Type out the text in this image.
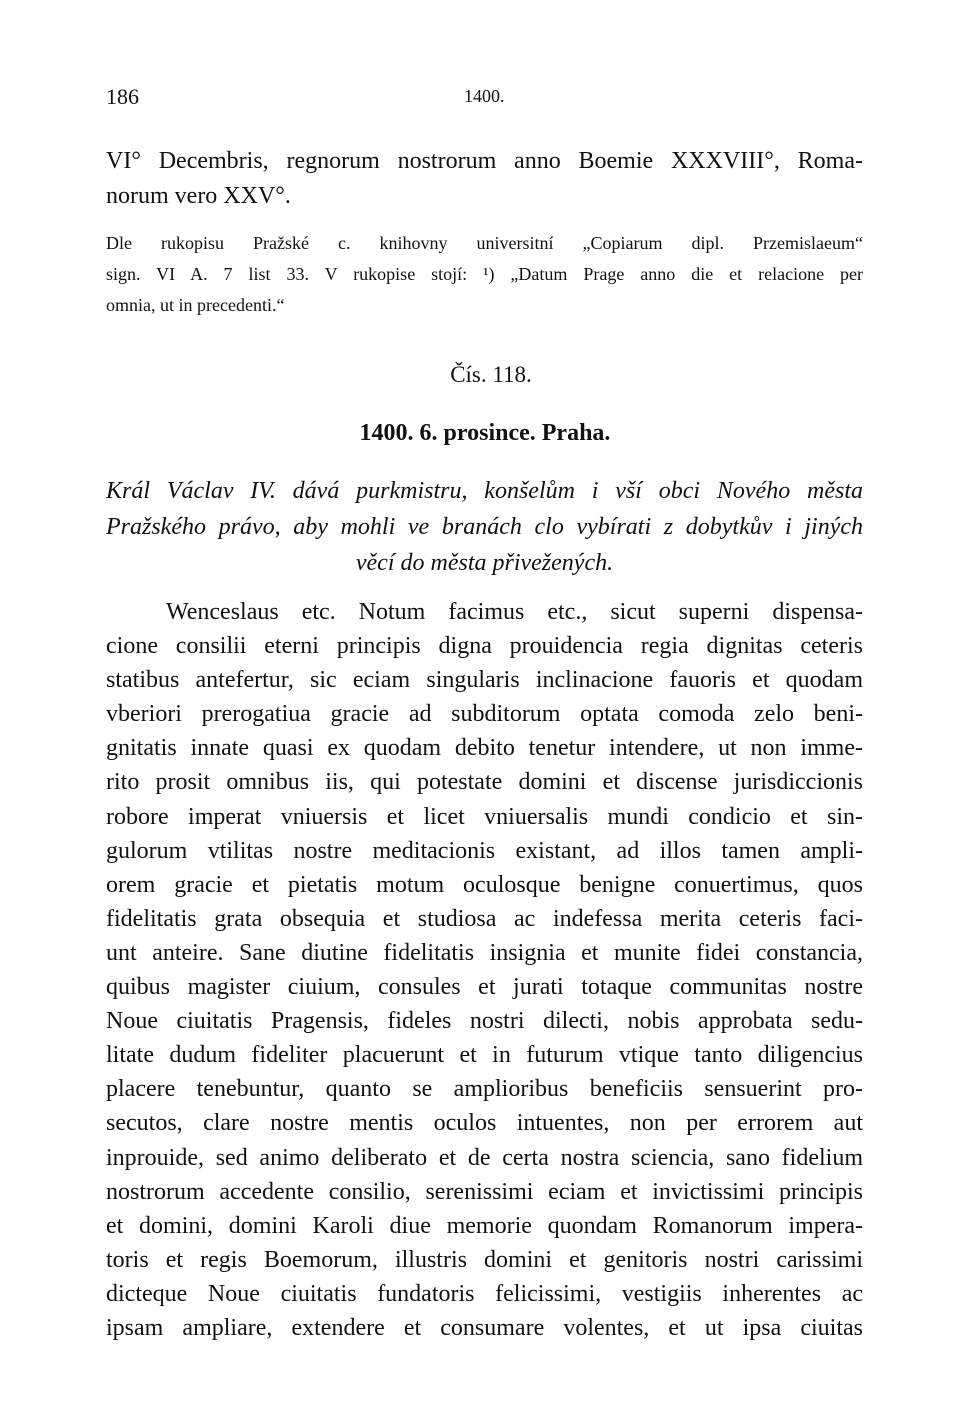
186	1400.
VI° Decembris, regnorum nostrorum anno Boemie XXXVIII°, Roma-
norum vero XXV°.
Dle rukopisu Pražské c. knihovny universitní „Copiarum dipl. Przemislaeum“
sign. VI A. 7 list 33. V rukopise stojí: ¹) „Datum Prage anno die et relacione per
omnia, ut in precedenti.“
Čís. 118.
1400. 6. prosince. Praha.
Král Václav IV. dává purkmistru, konšelům i vší obci Nového města
Pražského právo, aby mohli ve branách clo vybírati z dobytkův i jiných
věcí do města přivežených.
Wenceslaus etc. Notum facimus etc., sicut superni dispensa-
cione consilii eterni principis digna prouidencia regia dignitas ceteris
statibus antefertur, sic eciam singularis inclinacione fauoris et quodam
vberiori prerogatiua gracie ad subditorum optata comoda zelo beni-
gnitatis innate quasi ex quodam debito tenetur intendere, ut non imme-
rito prosit omnibus iis, qui potestate domini et discense jurisdiccionis
robore imperat vniuersis et licet vniuersalis mundi condicio et sin-
gulorum vtilitas nostre meditacionis existant, ad illos tamen ampli-
orem gracie et pietatis motum oculosque benigne conuertimus, quos
fidelitatis grata obsequia et studiosa ac indefessa merita ceteris faci-
unt anteire. Sane diutine fidelitatis insignia et munite fidei constancia,
quibus magister ciuium, consules et jurati totaque communitas nostre
Noue ciuitatis Pragensis, fideles nostri dilecti, nobis approbata sedu-
litate dudum fideliter placuerunt et in futurum vtique tanto diligencius
placere tenebuntur, quanto se amplioribus beneficiis sensuerint pro-
secutos, clare nostre mentis oculos intuentes, non per errorem aut
inprouide, sed animo deliberato et de certa nostra sciencia, sano fidelium
nostrorum accedente consilio, serenissimi eciam et invictissimi principis
et domini, domini Karoli diue memorie quondam Romanorum impera-
toris et regis Boemorum, illustris domini et genitoris nostri carissimi
dicteque Noue ciuitatis fundatoris felicissimi, vestigiis inherentes ac
ipsam ampliare, extendere et consumare volentes, et ut ipsa ciuitas
